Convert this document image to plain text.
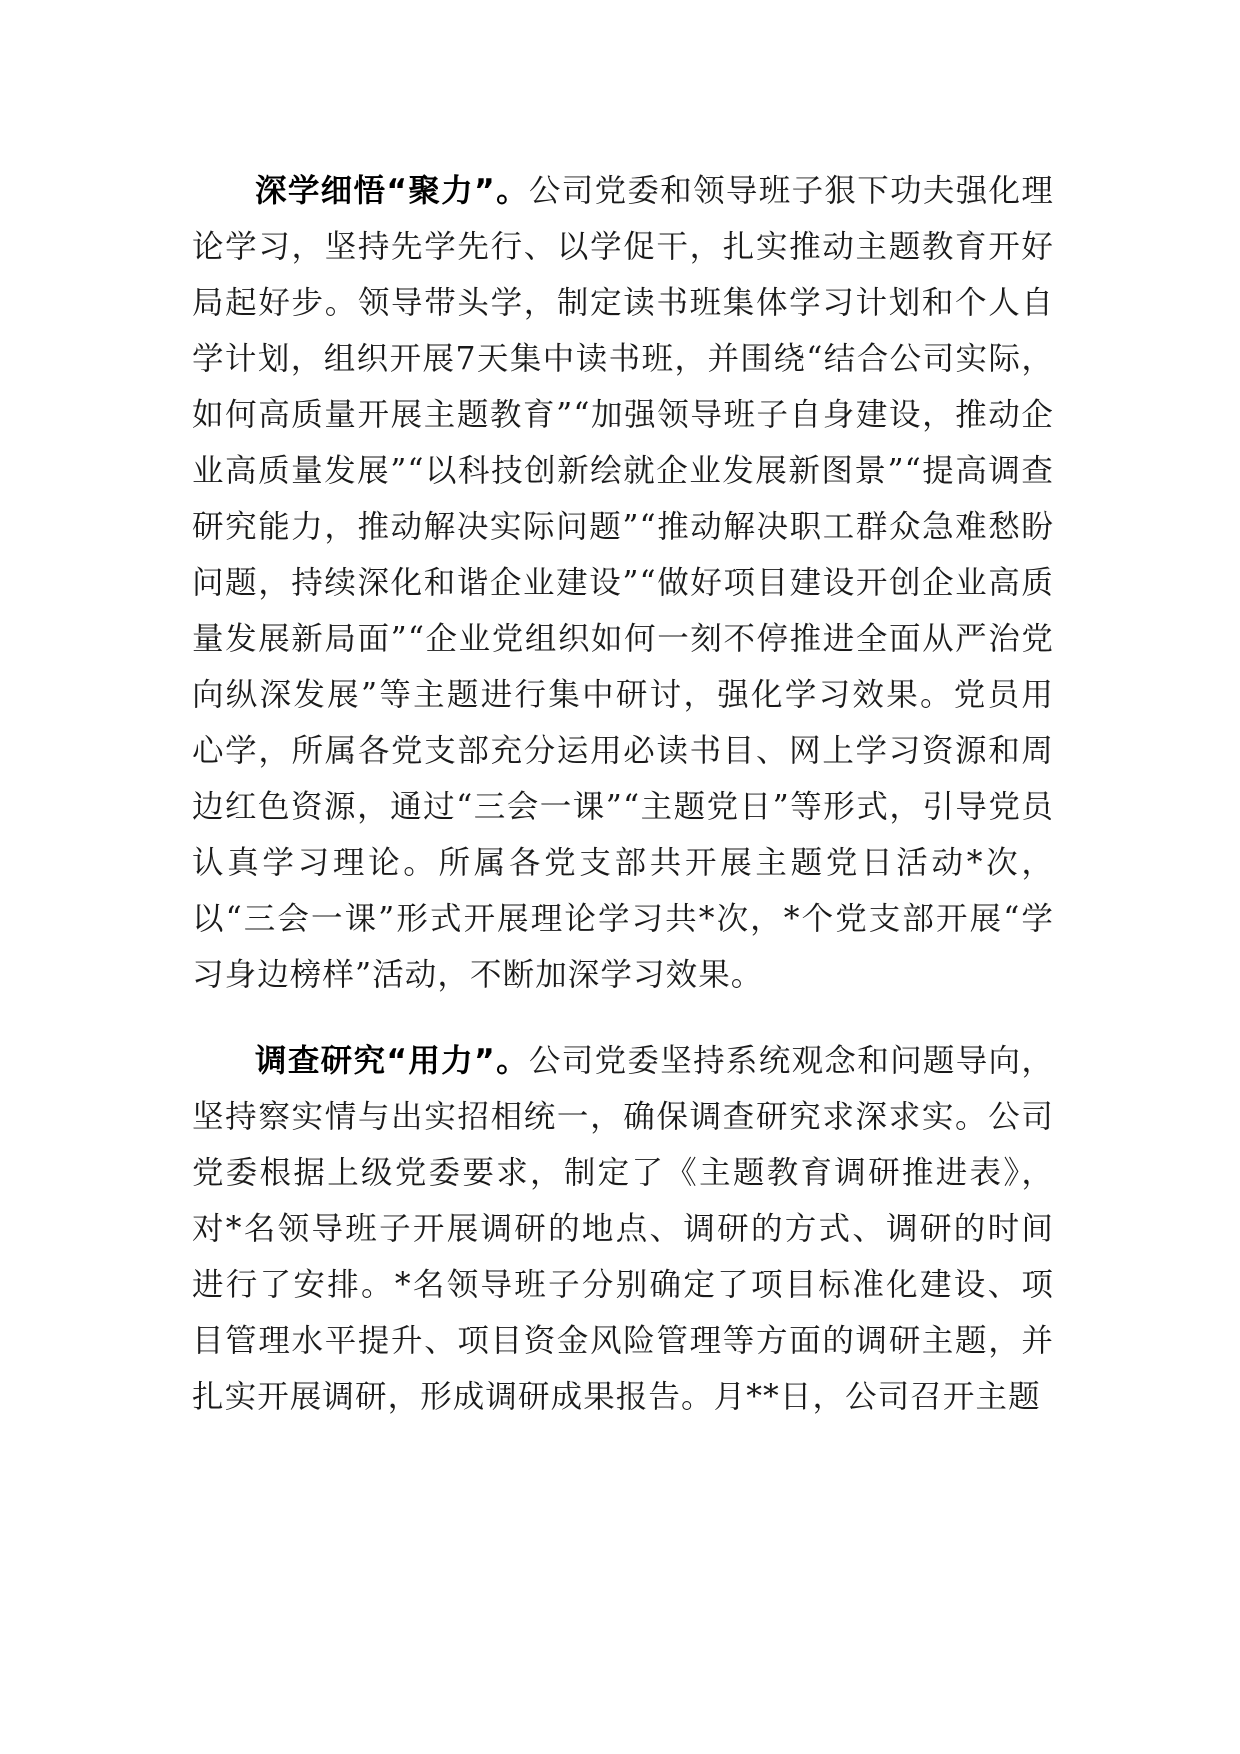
深学细悟“聚力”。公司党委和领导班子狠下功夫强化理论学习，坚持先学先行、以学促干，扎实推动主题教育开好局起好步。领导带头学，制定读书班集体学习计划和个人自学计划，组织开展7天集中读书班，并围绕“结合公司实际，如何高质量开展主题教育”“加强领导班子自身建设，推动企业高质量发展”“以科技创新绘就企业发展新图景”“提高调查研究能力，推动解决实际问题”“推动解决职工群众急难愁盼问题，持续深化和谐企业建设”“做好项目建设开创企业高质量发展新局面”“企业党组织如何一刻不停推进全面从严治党向纵深发展”等主题进行集中研讨，强化学习效果。党员用心学，所属各党支部充分运用必读书目、网上学习资源和周边红色资源，通过“三会一课”“主题党日”等形式，引导党员认真学习理论。所属各党支部共开展主题党日活动*次，以“三会一课”形式开展理论学习共*次，*个党支部开展“学习身边榜样”活动，不断加深学习效果。

调查研究“用力”。公司党委坚持系统观念和问题导向，坚持察实情与出实招相统一，确保调查研究求深求实。公司党委根据上级党委要求，制定了《主题教育调研推进表》，对*名领导班子开展调研的地点、调研的方式、调研的时间进行了安排。*名领导班子分别确定了项目标准化建设、项目管理水平提升、项目资金风险管理等方面的调研主题，并扎实开展调研，形成调研成果报告。月**日，公司召开主题
